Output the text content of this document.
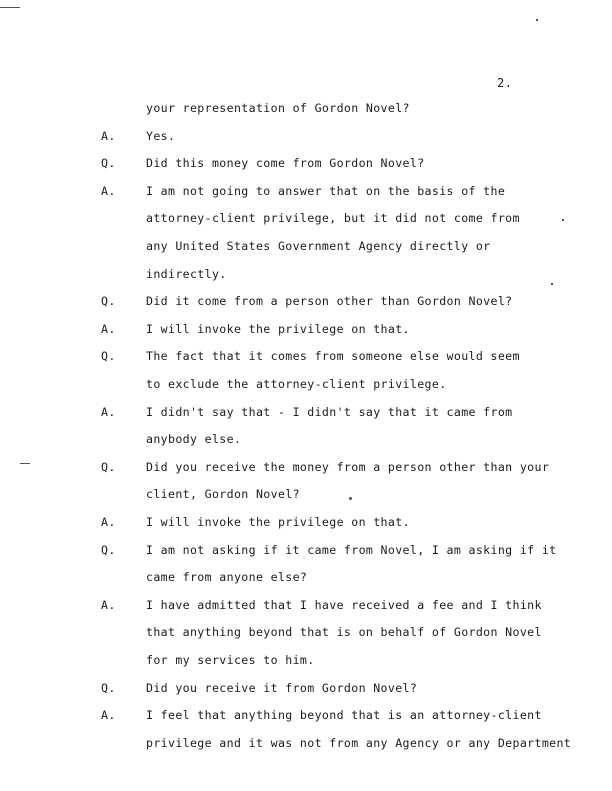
2.
your representation of Gordon Novel?
A.	Yes.
Q.	Did this money come from Gordon Novel?
A.	I am not going to answer that on the basis of the
attorney-client privilege, but it did not come from
any United States Government Agency directly or
indirectly.
Q.	Did it come from a person other than Gordon Novel?
A.	I will invoke the privilege on that.
Q.	The fact that it comes from someone else would seem
to exclude the attorney-client privilege.
A.	I didn't say that - I didn't say that it came from
anybody else.
Q.	Did you receive the money from a person other than your
client, Gordon Novel?
A.	I will invoke the privilege on that.
Q.	I am not asking if it came from Novel, I am asking if it
came from anyone else?
A.	I have admitted that I have received a fee and I think
that anything beyond that is on behalf of Gordon Novel
for my services to him.
Q.	Did you receive it from Gordon Novel?
A.	I feel that anything beyond that is an attorney-client
privilege and it was not from any Agency or any Department
